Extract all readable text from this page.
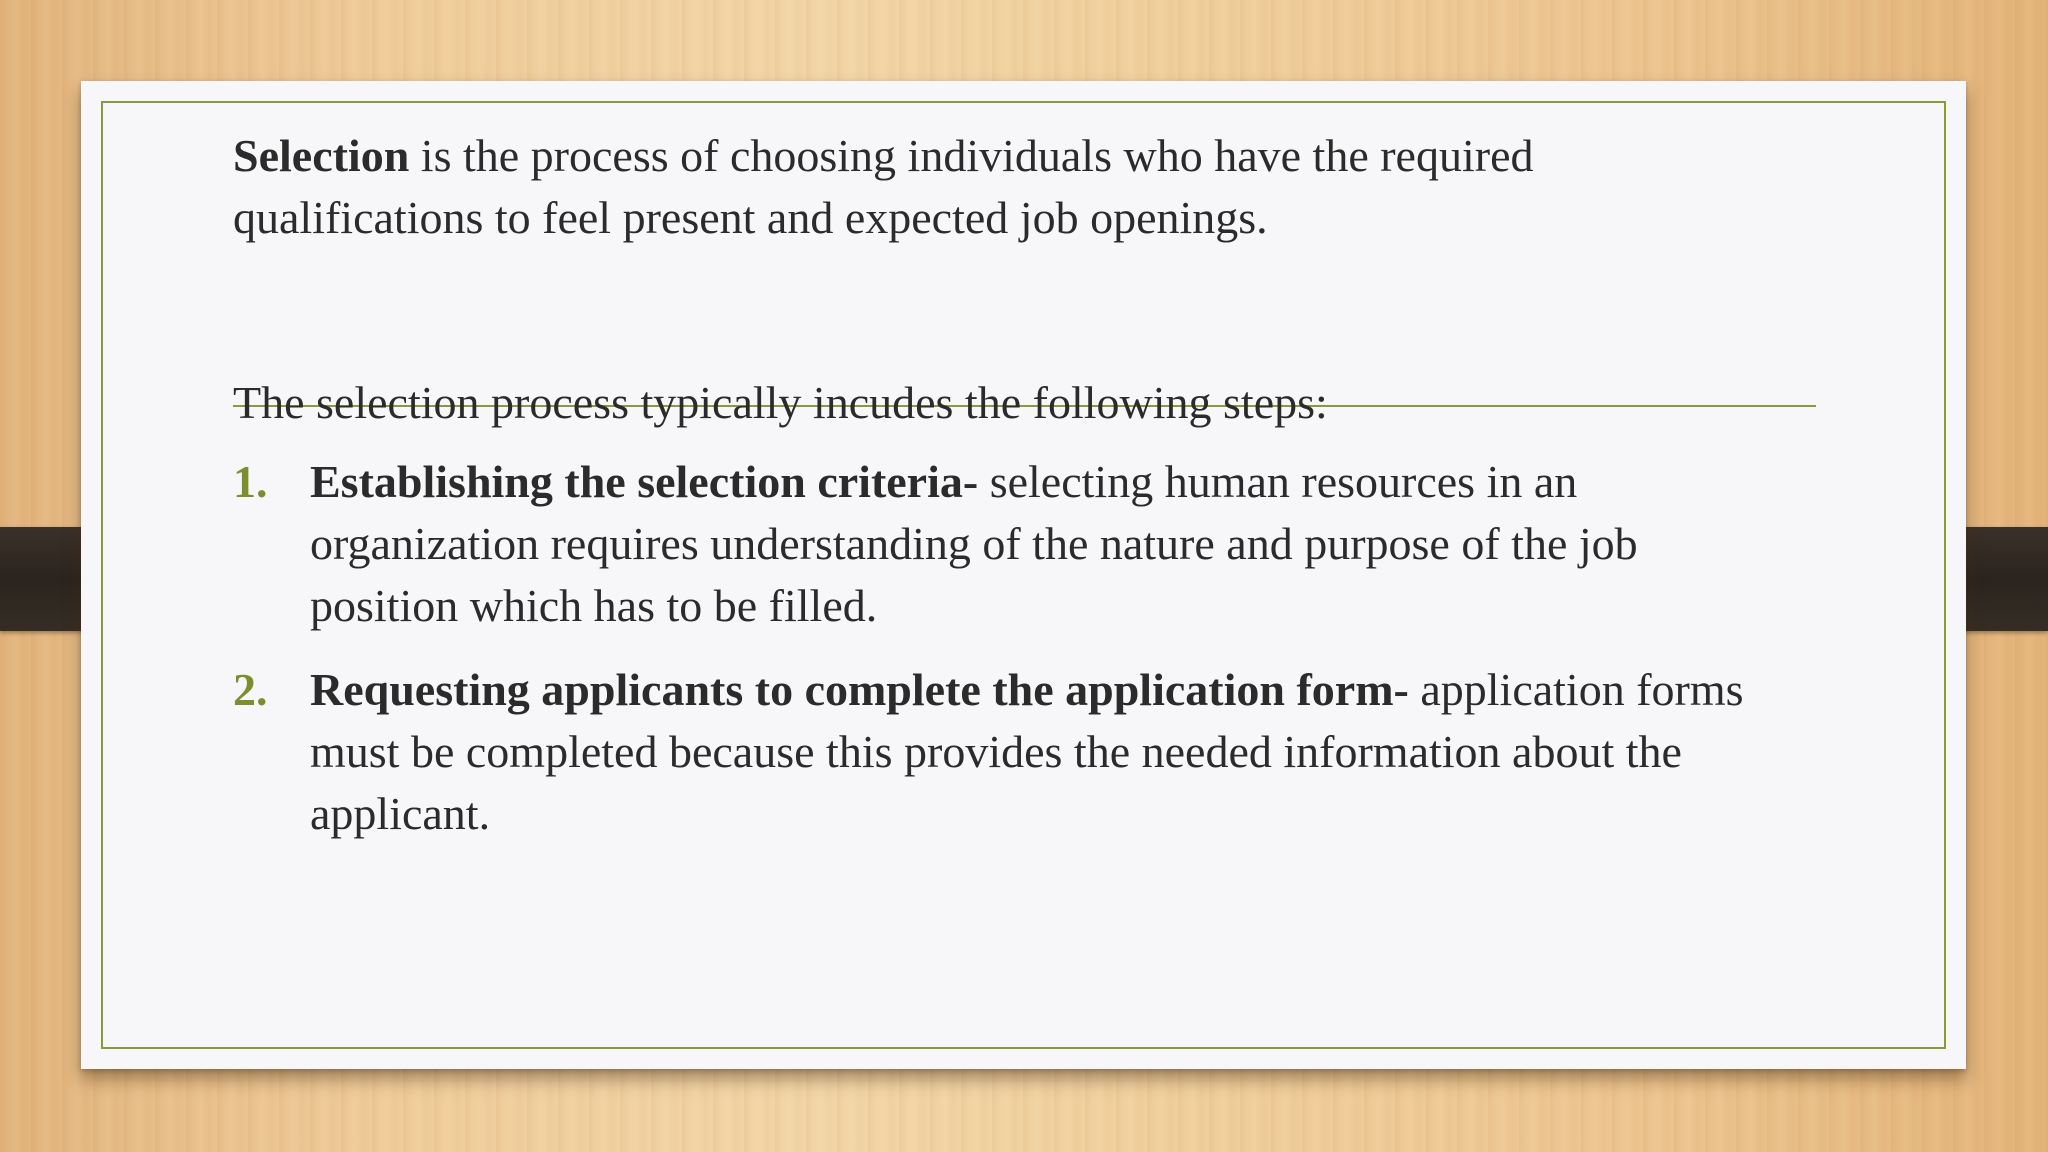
Selection is the process of choosing individuals who have the required qualifications to feel present and expected job openings.

The selection process typically incudes the following steps:

1. Establishing the selection criteria- selecting human resources in an organization requires understanding of the nature and purpose of the job position which has to be filled.
2. Requesting applicants to complete the application form- application forms must be completed because this provides the needed information about the applicant.
